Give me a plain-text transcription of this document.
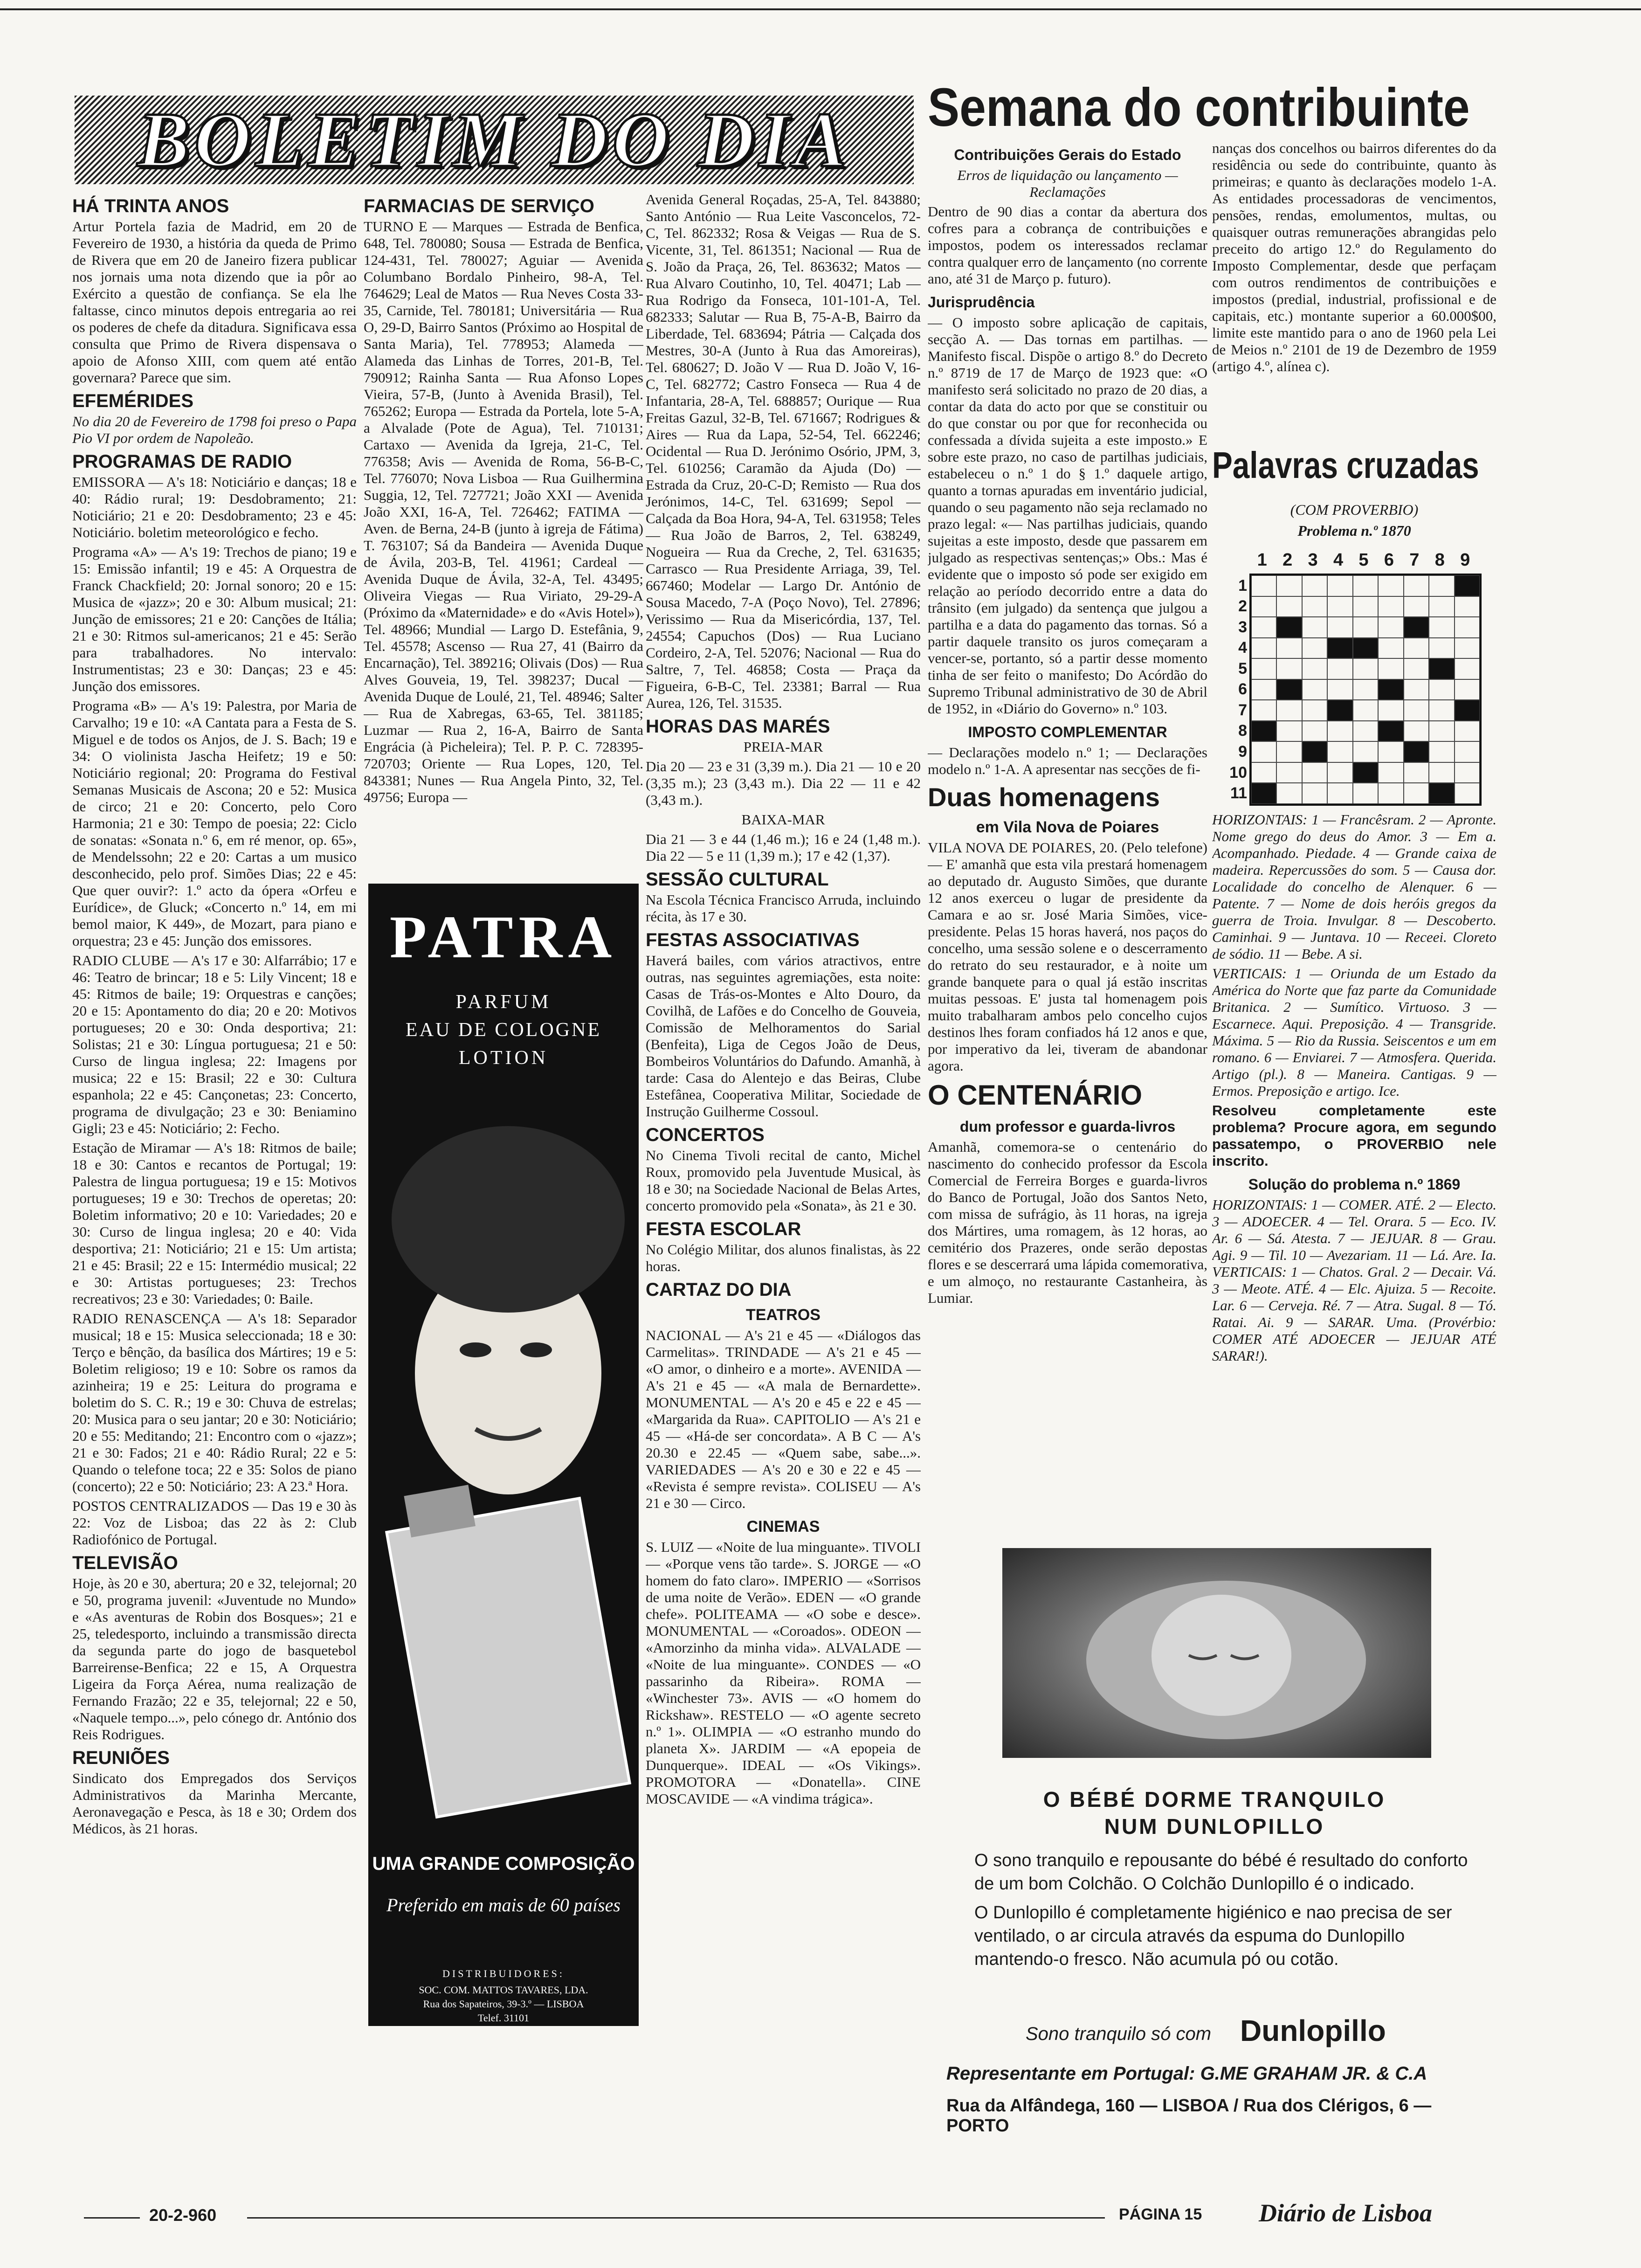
BOLETIM DO DIA
HÁ TRINTA ANOS

Artur Portela fazia de Madrid, em 20 de Fevereiro de 1930, a história da queda de Primo de Rivera que em 20 de Janeiro fizera publicar nos jornais uma nota dizendo que ia pôr ao Exército a questão de confiança. Se ela lhe faltasse, cinco minutos depois entregaria ao rei os poderes de chefe da ditadura. Significava essa consulta que Primo de Rivera dispensava o apoio de Afonso XIII, com quem até então governara? Parece que sim.

EFEMÉRIDES

No dia 20 de Fevereiro de 1798 foi preso o Papa Pio VI por ordem de Napoleão.

PROGRAMAS DE RADIO

EMISSORA — A's 18: Noticiário e danças; 18 e 40: Rádio rural; 19: Desdobramento; 21: Noticiário; 21 e 20: Desdobramento; 23 e 45: Noticiário. boletim meteorológico e fecho.

Programa «A» — A's 19: Trechos de piano; 19 e 15: Emissão infantil; 19 e 45: A Orquestra de Franck Chackfield; 20: Jornal sonoro; 20 e 15: Musica de «jazz»; 20 e 30: Album musical; 21: Junção de emissores; 21 e 20: Canções de Itália; 21 e 30: Ritmos sul-americanos; 21 e 45: Serão para trabalhadores. No intervalo: Instrumentistas; 23 e 30: Danças; 23 e 45: Junção dos emissores.

Programa «B» — A's 19: Palestra, por Maria de Carvalho; 19 e 10: «A Cantata para a Festa de S. Miguel e de todos os Anjos, de J. S. Bach; 19 e 34: O violinista Jascha Heifetz; 19 e 50: Noticiário regional; 20: Programa do Festival Semanas Musicais de Ascona; 20 e 52: Musica de circo; 21 e 20: Concerto, pelo Coro Harmonia; 21 e 30: Tempo de poesia; 22: Ciclo de sonatas: «Sonata n.º 6, em ré menor, op. 65», de Mendelssohn; 22 e 20: Cartas a um musico desconhecido, pelo prof. Simões Dias; 22 e 45: Que quer ouvir?: 1.º acto da ópera «Orfeu e Eurídice», de Gluck; «Concerto n.º 14, em mi bemol maior, K 449», de Mozart, para piano e orquestra; 23 e 45: Junção dos emissores.

RADIO CLUBE — A's 17 e 30: Alfarrábio; 17 e 46: Teatro de brincar; 18 e 5: Lily Vincent; 18 e 45: Ritmos de baile; 19: Orquestras e canções; 20 e 15: Apontamento do dia; 20 e 20: Motivos portugueses; 20 e 30: Onda desportiva; 21: Solistas; 21 e 30: Língua portuguesa; 21 e 50: Curso de lingua inglesa; 22: Imagens por musica; 22 e 15: Brasil; 22 e 30: Cultura espanhola; 22 e 45: Cançonetas; 23: Concerto, programa de divulgação; 23 e 30: Beniamino Gigli; 23 e 45: Noticiário; 2: Fecho.

Estação de Miramar — A's 18: Ritmos de baile; 18 e 30: Cantos e recantos de Portugal; 19: Palestra de lingua portuguesa; 19 e 15: Motivos portugueses; 19 e 30: Trechos de operetas; 20: Boletim informativo; 20 e 10: Variedades; 20 e 30: Curso de lingua inglesa; 20 e 40: Vida desportiva; 21: Noticiário; 21 e 15: Um artista; 21 e 45: Brasil; 22 e 15: Intermédio musical; 22 e 30: Artistas portugueses; 23: Trechos recreativos; 23 e 30: Variedades; 0: Baile.

RADIO RENASCENÇA — A's 18: Separador musical; 18 e 15: Musica seleccionada; 18 e 30: Terço e bênção, da basílica dos Mártires; 19 e 5: Boletim religioso; 19 e 10: Sobre os ramos da azinheira; 19 e 25: Leitura do programa e boletim do S. C. R.; 19 e 30: Chuva de estrelas; 20: Musica para o seu jantar; 20 e 30: Noticiário; 20 e 55: Meditando; 21: Encontro com o «jazz»; 21 e 30: Fados; 21 e 40: Rádio Rural; 22 e 5: Quando o telefone toca; 22 e 35: Solos de piano (concerto); 22 e 50: Noticiário; 23: A 23.ª Hora.

POSTOS CENTRALIZADOS — Das 19 e 30 às 22: Voz de Lisboa; das 22 às 2: Club Radiofónico de Portugal.

TELEVISÃO

Hoje, às 20 e 30, abertura; 20 e 32, telejornal; 20 e 50, programa juvenil: «Juventude no Mundo» e «As aventuras de Robin dos Bosques»; 21 e 25, teledesporto, incluindo a transmissão directa da segunda parte do jogo de basquetebol Barreirense-Benfica; 22 e 15, A Orquestra Ligeira da Força Aérea, numa realização de Fernando Frazão; 22 e 35, telejornal; 22 e 50, «Naquele tempo...», pelo cónego dr. António dos Reis Rodrigues.

REUNIÕES

Sindicato dos Empregados dos Serviços Administrativos da Marinha Mercante, Aeronavegação e Pesca, às 18 e 30; Ordem dos Médicos, às 21 horas.

FARMACIAS DE SERVIÇO

TURNO E — Marques — Estrada de Benfica, 648, Tel. 780080; Sousa — Estrada de Benfica, 124-431, Tel. 780027; Aguiar — Avenida Columbano Bordalo Pinheiro, 98-A, Tel. 764629; Leal de Matos — Rua Neves Costa 33-35, Carnide, Tel. 780181; Universitária — Rua O, 29-D, Bairro Santos (Próximo ao Hospital de Santa Maria), Tel. 778953; Alameda — Alameda das Linhas de Torres, 201-B, Tel. 790912; Rainha Santa — Rua Afonso Lopes Vieira, 57-B, (Junto à Avenida Brasil), Tel. 765262; Europa — Estrada da Portela, lote 5-A, a Alvalade (Pote de Agua), Tel. 710131; Cartaxo — Avenida da Igreja, 21-C, Tel. 776358; Avis — Avenida de Roma, 56-B-C, Tel. 776070; Nova Lisboa — Rua Guilhermina Suggia, 12, Tel. 727721; João XXI — Avenida João XXI, 16-A, Tel. 726462; FATIMA — Aven. de Berna, 24-B (junto à igreja de Fátima) T. 763107; Sá da Bandeira — Avenida Duque de Ávila, 203-B, Tel. 41961; Cardeal — Avenida Duque de Ávila, 32-A, Tel. 43495; Oliveira Viegas — Rua Viriato, 29-29-A (Próximo da «Maternidade» e do «Avis Hotel»), Tel. 48966; Mundial — Largo D. Estefânia, 9, Tel. 45578; Ascenso — Rua 27, 41 (Bairro da Encarnação), Tel. 389216; Olivais (Dos) — Rua Alves Gouveia, 19, Tel. 398237; Ducal — Avenida Duque de Loulé, 21, Tel. 48946; Salter — Rua de Xabregas, 63-65, Tel. 381185; Luzmar — Rua 2, 16-A, Bairro de Santa Engrácia (à Picheleira); Tel. P. P. C. 728395-720703; Oriente — Rua Lopes, 120, Tel. 843381; Nunes — Rua Angela Pinto, 32, Tel. 49756; Europa —

PATRA
PARFUM
EAU DE COLOGNE
LOTION
UMA GRANDE COMPOSIÇÃO
Preferido em mais de 60 países
DISTRIBUIDORES:
SOC. COM. MATTOS TAVARES, LDA.
Rua dos Sapateiros, 39-3.º — LISBOA
Telef. 31101

Avenida General Roçadas, 25-A, Tel. 843880; Santo António — Rua Leite Vasconcelos, 72-C, Tel. 862332; Rosa & Veigas — Rua de S. Vicente, 31, Tel. 861351; Nacional — Rua de S. João da Praça, 26, Tel. 863632; Matos — Rua Alvaro Coutinho, 10, Tel. 40471; Lab — Rua Rodrigo da Fonseca, 101-101-A, Tel. 682333; Salutar — Rua B, 75-A-B, Bairro da Liberdade, Tel. 683694; Pátria — Calçada dos Mestres, 30-A (Junto à Rua das Amoreiras), Tel. 680627; D. João V — Rua D. João V, 16-C, Tel. 682772; Castro Fonseca — Rua 4 de Infantaria, 28-A, Tel. 688857; Ourique — Rua Freitas Gazul, 32-B, Tel. 671667; Rodrigues & Aires — Rua da Lapa, 52-54, Tel. 662246; Ocidental — Rua D. Jerónimo Osório, JPM, 3, Tel. 610256; Caramão da Ajuda (Do) — Estrada da Cruz, 20-C-D; Remisto — Rua dos Jerónimos, 14-C, Tel. 631699; Sepol — Calçada da Boa Hora, 94-A, Tel. 631958; Teles — Rua João de Barros, 2, Tel. 638249, Nogueira — Rua da Creche, 2, Tel. 631635; Carrasco — Rua Presidente Arriaga, 39, Tel. 667460; Modelar — Largo Dr. António de Sousa Macedo, 7-A (Poço Novo), Tel. 27896; Verissimo — Rua da Misericórdia, 137, Tel. 24554; Capuchos (Dos) — Rua Luciano Cordeiro, 2-A, Tel. 52076; Nacional — Rua do Saltre, 7, Tel. 46858; Costa — Praça da Figueira, 6-B-C, Tel. 23381; Barral — Rua Aurea, 126, Tel. 31535.

HORAS DAS MARÉS
PREIA-MAR

Dia 20 — 23 e 31 (3,39 m.). Dia 21 — 10 e 20 (3,35 m.); 23 (3,43 m.). Dia 22 — 11 e 42 (3,43 m.).

BAIXA-MAR

Dia 21 — 3 e 44 (1,46 m.); 16 e 24 (1,48 m.). Dia 22 — 5 e 11 (1,39 m.); 17 e 42 (1,37).

SESSÃO CULTURAL

Na Escola Técnica Francisco Arruda, incluindo récita, às 17 e 30.

FESTAS ASSOCIATIVAS

Haverá bailes, com vários atractivos, entre outras, nas seguintes agremiações, esta noite: Casas de Trás-os-Montes e Alto Douro, da Covilhã, de Lafões e do Concelho de Gouveia, Comissão de Melhoramentos do Sarial (Benfeita), Liga de Cegos João de Deus, Bombeiros Voluntários do Dafundo. Amanhã, à tarde: Casa do Alentejo e das Beiras, Clube Estefânea, Cooperativa Militar, Sociedade de Instrução Guilherme Cossoul.

CONCERTOS

No Cinema Tivoli recital de canto, Michel Roux, promovido pela Juventude Musical, às 18 e 30; na Sociedade Nacional de Belas Artes, concerto promovido pela «Sonata», às 21 e 30.

FESTA ESCOLAR

No Colégio Militar, dos alunos finalistas, às 22 horas.

CARTAZ DO DIA
TEATROS

NACIONAL — A's 21 e 45 — «Diálogos das Carmelitas». TRINDADE — A's 21 e 45 — «O amor, o dinheiro e a morte». AVENIDA — A's 21 e 45 — «A mala de Bernardette». MONUMENTAL — A's 20 e 45 e 22 e 45 — «Margarida da Rua». CAPITOLIO — A's 21 e 45 — «Há-de ser concordata». A B C — A's 20.30 e 22.45 — «Quem sabe, sabe...». VARIEDADES — A's 20 e 30 e 22 e 45 — «Revista é sempre revista». COLISEU — A's 21 e 30 — Circo.

CINEMAS

S. LUIZ — «Noite de lua minguante». TIVOLI — «Porque vens tão tarde». S. JORGE — «O homem do fato claro». IMPERIO — «Sorrisos de uma noite de Verão». EDEN — «O grande chefe». POLITEAMA — «O sobe e desce». MONUMENTAL — «Coroados». ODEON — «Amorzinho da minha vida». ALVALADE — «Noite de lua minguante». CONDES — «O passarinho da Ribeira». ROMA — «Winchester 73». AVIS — «O homem do Rickshaw». RESTELO — «O agente secreto n.º 1». OLIMPIA — «O estranho mundo do planeta X». JARDIM — «A epopeia de Dunquerque». IDEAL — «Os Vikings». PROMOTORA — «Donatella». CINE MOSCAVIDE — «A vindima trágica».

Semana do contribuinte
Contribuições Gerais do Estado
Erros de liquidação ou lançamento — Reclamações

Dentro de 90 dias a contar da abertura dos cofres para a cobrança de contribuições e impostos, podem os interessados reclamar contra qualquer erro de lançamento (no corrente ano, até 31 de Março p. futuro).

Jurisprudência

— O imposto sobre aplicação de capitais, secção A. — Das tornas em partilhas. — Manifesto fiscal. Dispõe o artigo 8.º do Decreto n.º 8719 de 17 de Março de 1923 que: «O manifesto será solicitado no prazo de 20 dias, a contar da data do acto por que se constituir ou do que constar ou por que for reconhecida ou confessada a dívida sujeita a este imposto.» E sobre este prazo, no caso de partilhas judiciais, estabeleceu o n.º 1 do § 1.º daquele artigo, quanto a tornas apuradas em inventário judicial, quando o seu pagamento não seja reclamado no prazo legal: «— Nas partilhas judiciais, quando sujeitas a este imposto, desde que passarem em julgado as respectivas sentenças;» Obs.: Mas é evidente que o imposto só pode ser exigido em relação ao período decorrido entre a data do trânsito (em julgado) da sentença que julgou a partilha e a data do pagamento das tornas. Só a partir daquele transito os juros começaram a vencer-se, portanto, só a partir desse momento tinha de ser feito o manifesto; Do Acórdão do Supremo Tribunal administrativo de 30 de Abril de 1952, in «Diário do Governo» n.º 103.

IMPOSTO COMPLEMENTAR

— Declarações modelo n.º 1; — Declarações modelo n.º 1-A. A apresentar nas secções de fi-

Duas homenagens
em Vila Nova de Poiares

VILA NOVA DE POIARES, 20. (Pelo telefone) — E' amanhã que esta vila prestará homenagem ao deputado dr. Augusto Simões, que durante 12 anos exerceu o lugar de presidente da Camara e ao sr. José Maria Simões, vice-presidente. Pelas 15 horas haverá, nos paços do concelho, uma sessão solene e o descerramento do retrato do seu restaurador, e à noite um grande banquete para o qual já estão inscritas muitas pessoas. E' justa tal homenagem pois muito trabalharam ambos pelo concelho cujos destinos lhes foram confiados há 12 anos e que, por imperativo da lei, tiveram de abandonar agora.

O CENTENÁRIO
dum professor e guarda-livros

Amanhã, comemora-se o centenário do nascimento do conhecido professor da Escola Comercial de Ferreira Borges e guarda-livros do Banco de Portugal, João dos Santos Neto, com missa de sufrágio, às 11 horas, na igreja dos Mártires, uma romagem, às 12 horas, ao cemitério dos Prazeres, onde serão depostas flores e se descerrará uma lápida comemorativa, e um almoço, no restaurante Castanheira, às Lumiar.

nanças dos concelhos ou bairros diferentes do da residência ou sede do contribuinte, quanto às primeiras; e quanto às declarações modelo 1-A. As entidades processadoras de vencimentos, pensões, rendas, emolumentos, multas, ou quaisquer outras remunerações abrangidas pelo preceito do artigo 12.º do Regulamento do Imposto Complementar, desde que perfaçam com outros rendimentos de contribuições e impostos (predial, industrial, profissional e de capitais, etc.) montante superior a 60.000$00, limite este mantido para o ano de 1960 pela Lei de Meios n.º 2101 de 19 de Dezembro de 1959 (artigo 4.º, alínea c).

Palavras cruzadas
(COM PROVERBIO)
Problema n.º 1870
1 2 3 4 5 6 7 8 9
1
2
3
4
5
6
7
8
9
10
11

HORIZONTAIS: 1 — Francêsram. 2 — Apronte. Nome grego do deus do Amor. 3 — Em a. Acompanhado. Piedade. 4 — Grande caixa de madeira. Repercussões do som. 5 — Causa dor. Localidade do concelho de Alenquer. 6 — Patente. 7 — Nome de dois heróis gregos da guerra de Troia. Invulgar. 8 — Descoberto. Caminhai. 9 — Juntava. 10 — Receei. Cloreto de sódio. 11 — Bebe. A si.

VERTICAIS: 1 — Oriunda de um Estado da América do Norte que faz parte da Comunidade Britanica. 2 — Sumítico. Virtuoso. 3 — Escarnece. Aqui. Preposição. 4 — Transgride. Máxima. 5 — Rio da Russia. Seiscentos e um em romano. 6 — Enviarei. 7 — Atmosfera. Querida. Artigo (pl.). 8 — Maneira. Cantigas. 9 — Ermos. Preposição e artigo. Ice.

Resolveu completamente este problema? Procure agora, em segundo passatempo, o PROVERBIO nele inscrito.

Solução do problema n.º 1869

HORIZONTAIS: 1 — COMER. ATÉ. 2 — Electo. 3 — ADOECER. 4 — Tel. Orara. 5 — Eco. IV. Ar. 6 — Sá. Atesta. 7 — JEJUAR. 8 — Grau. Agi. 9 — Til. 10 — Avezariam. 11 — Lá. Are. Ia. VERTICAIS: 1 — Chatos. Gral. 2 — Decair. Vá. 3 — Meote. ATÉ. 4 — Elc. Ajuiza. 5 — Recoite. Lar. 6 — Cerveja. Ré. 7 — Atra. Sugal. 8 — Tó. Ratai. Ai. 9 — SARAR. Uma. (Provérbio: COMER ATÉ ADOECER — JEJUAR ATÉ SARAR!).

O BÉBÉ DORME TRANQUILO
NUM DUNLOPILLO

O sono tranquilo e repousante do bébé é resultado do conforto de um bom Colchão. O Colchão Dunlopillo é o indicado.

O Dunlopillo é completamente higiénico e nao precisa de ser ventilado, o ar circula através da espuma do Dunlopillo mantendo-o fresco. Não acumula pó ou cotão.

Sono tranquilo só com Dunlopillo
Representante em Portugal: G.ME GRAHAM JR. & C.A
Rua da Alfândega, 160 — LISBOA / Rua dos Clérigos, 6 — PORTO
20-2-960	PÁGINA 15 Diário de Lisboa
